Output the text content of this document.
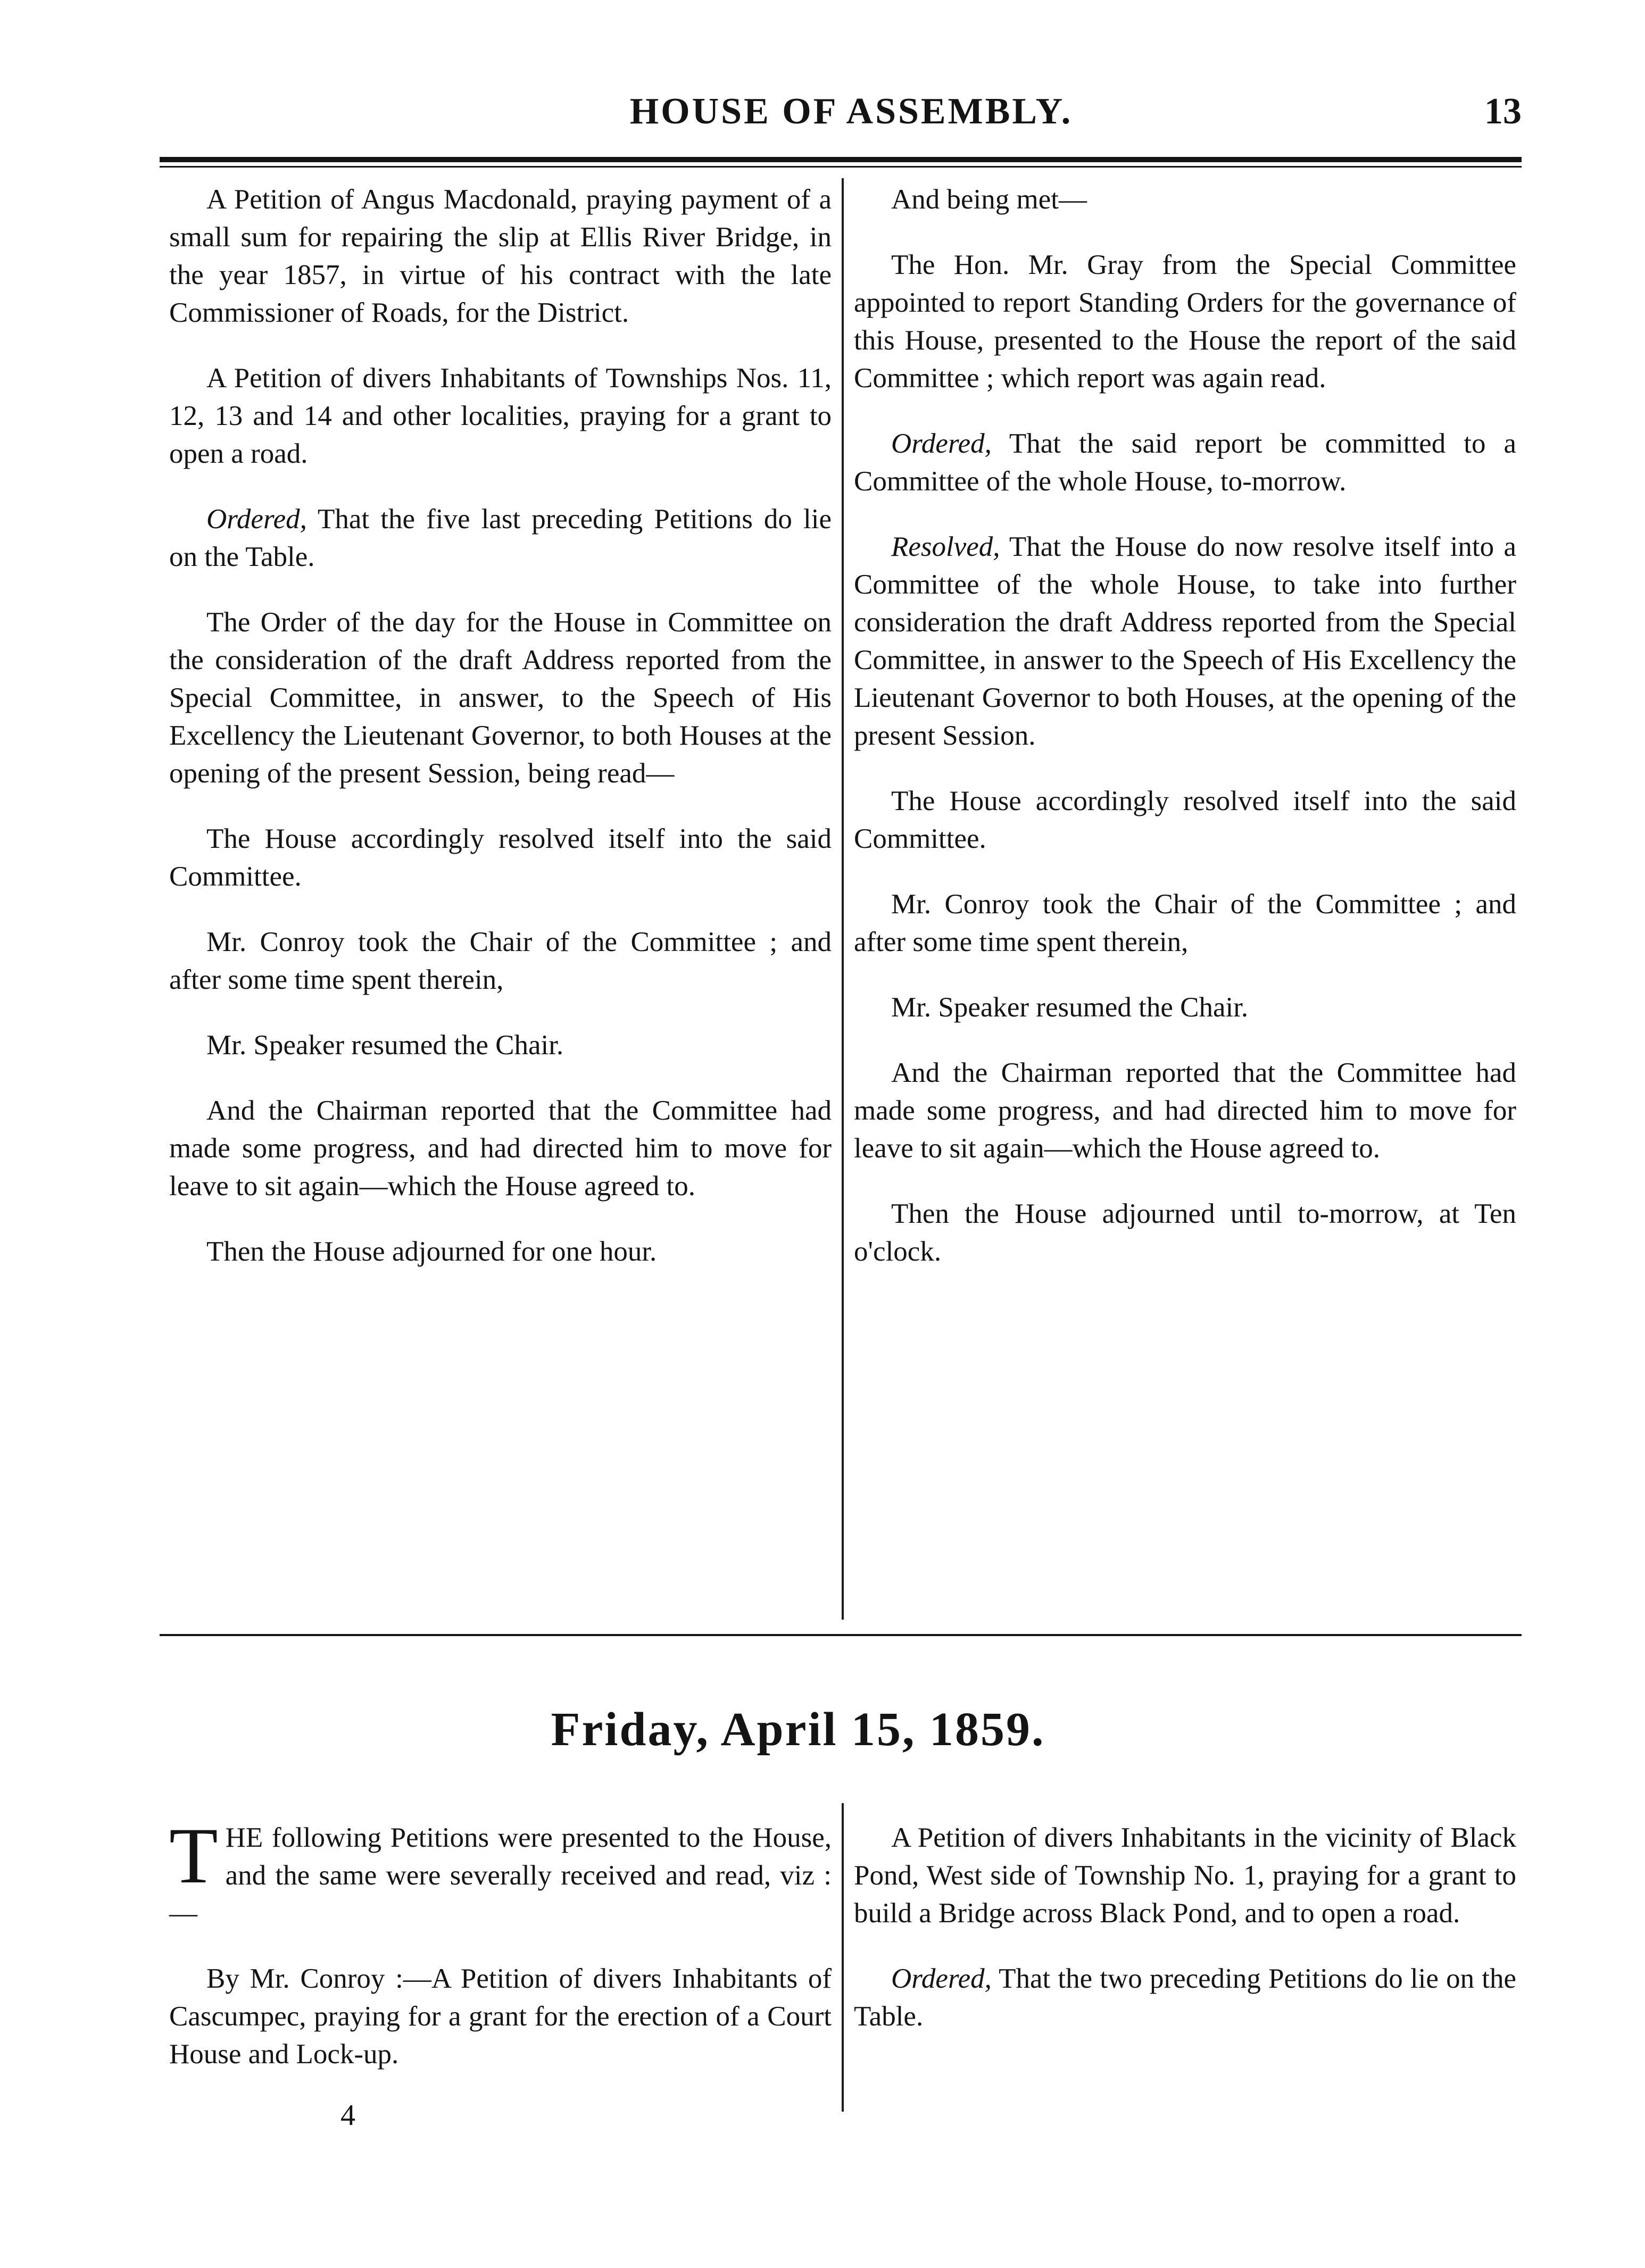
HOUSE OF ASSEMBLY.	13

A Petition of Angus Macdonald, praying payment of a small sum for repairing the slip at Ellis River Bridge, in the year 1857, in virtue of his contract with the late Commissioner of Roads, for the District.

A Petition of divers Inhabitants of Townships Nos. 11, 12, 13 and 14 and other localities, praying for a grant to open a road.

Ordered, That the five last preceding Petitions do lie on the Table.

The Order of the day for the House in Committee on the consideration of the draft Address reported from the Special Committee, in answer, to the Speech of His Excellency the Lieutenant Governor, to both Houses at the opening of the present Session, being read—

The House accordingly resolved itself into the said Committee.

Mr. Conroy took the Chair of the Committee ; and after some time spent therein,

Mr. Speaker resumed the Chair.

And the Chairman reported that the Committee had made some progress, and had directed him to move for leave to sit again—which the House agreed to.

Then the House adjourned for one hour.

And being met—

The Hon. Mr. Gray from the Special Committee appointed to report Standing Orders for the governance of this House, presented to the House the report of the said Committee ; which report was again read.

Ordered, That the said report be committed to a Committee of the whole House, to-morrow.

Resolved, That the House do now resolve itself into a Committee of the whole House, to take into further consideration the draft Address reported from the Special Committee, in answer to the Speech of His Excellency the Lieutenant Governor to both Houses, at the opening of the present Session.

The House accordingly resolved itself into the said Committee.

Mr. Conroy took the Chair of the Committee ; and after some time spent therein,

Mr. Speaker resumed the Chair.

And the Chairman reported that the Committee had made some progress, and had directed him to move for leave to sit again—which the House agreed to.

Then the House adjourned until to-morrow, at Ten o'clock.

Friday, April 15, 1859.

THE following Petitions were presented to the House, and the same were severally received and read, viz :—

By Mr. Conroy :—A Petition of divers Inhabitants of Cascumpec, praying for a grant for the erection of a Court House and Lock-up.

A Petition of divers Inhabitants in the vicinity of Black Pond, West side of Township No. 1, praying for a grant to build a Bridge across Black Pond, and to open a road.

Ordered, That the two preceding Petitions do lie on the Table.

4
